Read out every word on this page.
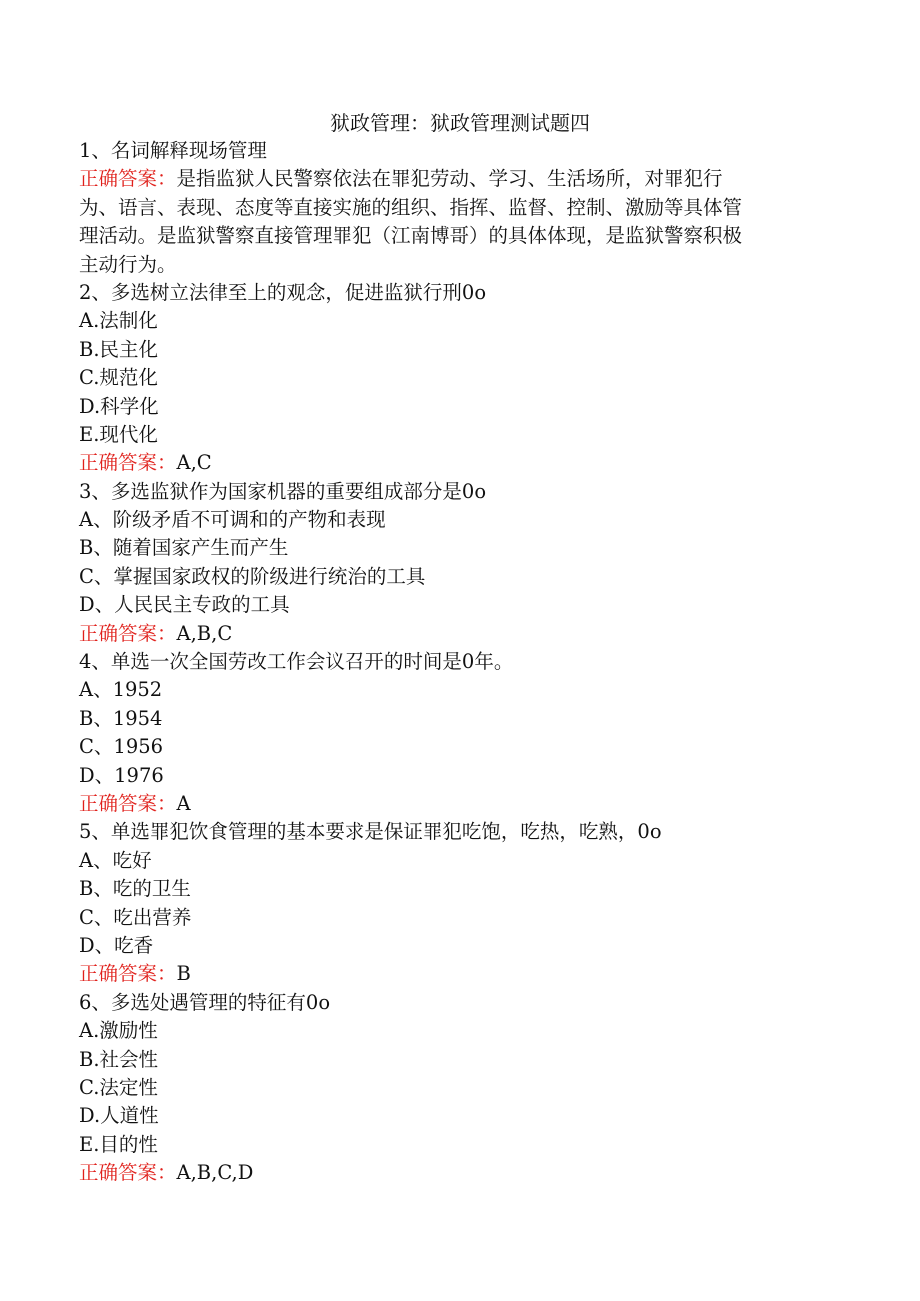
狱政管理：狱政管理测试题四
1、名词解释现场管理
正确答案：是指监狱人民警察依法在罪犯劳动、学习、生活场所，对罪犯行
为、语言、表现、态度等直接实施的组织、指挥、监督、控制、激励等具体管
理活动。是监狱警察直接管理罪犯（江南博哥）的具体体现，是监狱警察积极
主动行为。
2、多选树立法律至上的观念，促进监狱行刑0o
A.法制化
B.民主化
C.规范化
D.科学化
E.现代化
正确答案：A,C
3、多选监狱作为国家机器的重要组成部分是0o
A、阶级矛盾不可调和的产物和表现
B、随着国家产生而产生
C、掌握国家政权的阶级进行统治的工具
D、人民民主专政的工具
正确答案：A,B,C
4、单选一次全国劳改工作会议召开的时间是0年。
A、1952
B、1954
C、1956
D、1976
正确答案：A
5、单选罪犯饮食管理的基本要求是保证罪犯吃饱，吃热，吃熟，0o
A、吃好
B、吃的卫生
C、吃出营养
D、吃香
正确答案：B
6、多选处遇管理的特征有0o
A.激励性
B.社会性
C.法定性
D.人道性
E.目的性
正确答案：A,B,C,D
